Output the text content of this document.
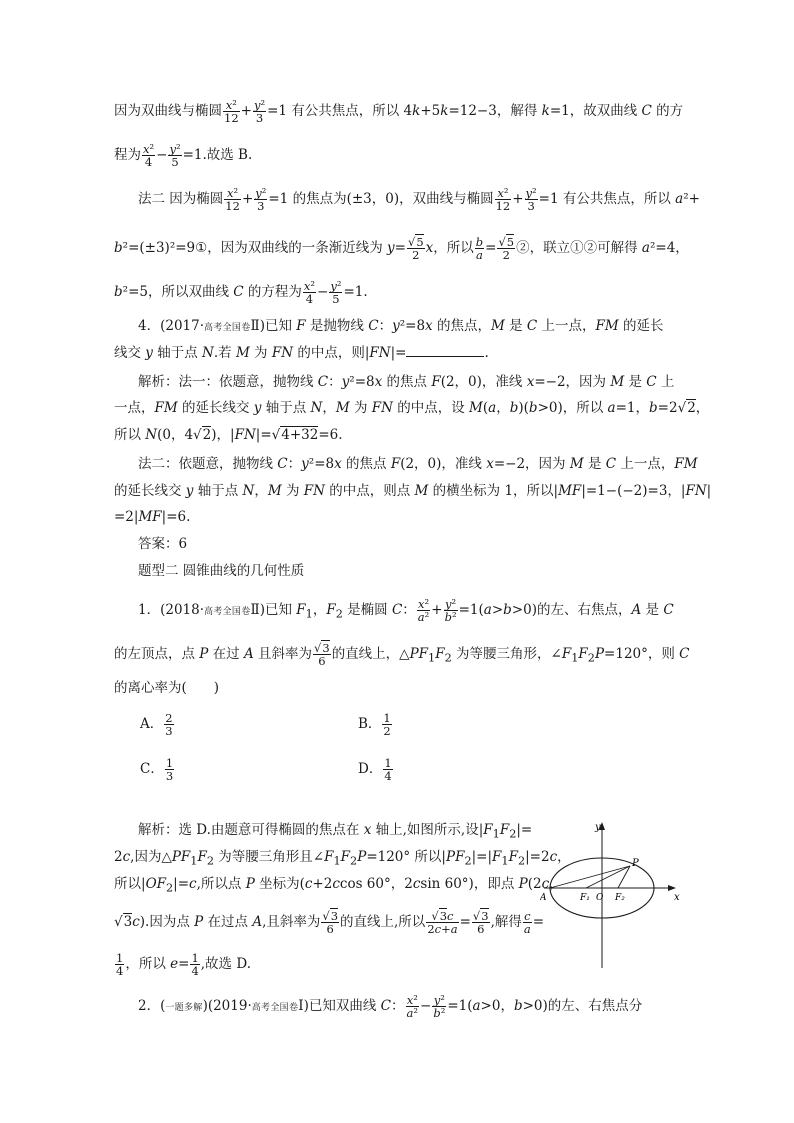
因为双曲线与椭圆 $\frac{\text{x²}}{12} + \frac{\text{y²}}{3} =1$ 有公共焦点，所以 4k+5k=12−3，解得 k=1，故双曲线 C 的方
程为 $\frac{\text{x²}}{4} - \frac{\text{y²}}{5} =1$.故选 B.
法二 因为椭圆 $\frac{\text{x²}}{12} + \frac{\text{y²}}{3} =1$ 的焦点为(±3，0)，双曲线与椭圆 $\frac{\text{x²}}{12} + \frac{\text{y²}}{3} =1$ 有公共焦点，所以 a²+
b²=(±3)²=9①，因为双曲线的一条渐近线为 $y= \frac{√5}{2}$ x，所以 $\frac{b}{a} = \frac{√5}{2}$ ②，联立①②可解得 a²=4，
b²=5，所以双曲线 C 的方程为 $\frac{\text{x²}}{4} - \frac{\text{y²}}{5} =1$.
4．(2017·高考全国卷Ⅱ)已知 F 是抛物线 C：y²=8x 的焦点，M 是 C 上一点，FM 的延长
线交 y 轴于点 N.若 M 为 FN 的中点，则|FN|=	.
解析：法一：依题意，抛物线 C：y²=8x 的焦点 F(2，0)，准线 x=−2，因为 M 是 C 上
一点，FM 的延长线交 y 轴于点 N，M 为 FN 的中点，设 M(a，b)(b>0)，所以 a=1，b=2√2，
所以 N(0，4√2)，|FN|=√4+32=6.
法二：依题意，抛物线 C：y²=8x 的焦点 F(2，0)，准线 x=−2，因为 M 是 C 上一点，FM
的延长线交 y 轴于点 N，M 为 FN 的中点，则点 M 的横坐标为 1，所以|MF|=1−(−2)=3，|FN|
=2|MF|=6.
答案：6
题型二 圆锥曲线的几何性质
1．(2018·高考全国卷Ⅱ)已知 $F_1$，$F_2$ 是椭圆 C： $\frac{\text{x²}}{\text{a²}} + \frac{\text{y²}}{\text{b²}} =1(a>b>0)$的左、右焦点，A 是 C
的左顶点，点 P 在过 A 且斜率为 $\frac{√3}{6}$ 的直线上，$\triangle PF_1F_2$ 为等腰三角形，$\angle F_1F_2P=120^\circ$，则 C
的离心率为(　　)
A． $\frac{2}{3}$	B． $\frac{1}{2}$
C． $\frac{1}{3}$	D． $\frac{1}{4}$
解析：选 D.由题意可得椭圆的焦点在 x 轴上,如图所示,设$|F_1F_2|=$
2c,因为$\triangle PF_1F_2$ 为等腰三角形且$\angle F_1F_2P=120^\circ$ 所以$|PF_2|=|F_1F_2|=2c$，
所以$|OF_2|=c$,所以点 P 坐标为(c+2ccos 60°，2csin 60°)，即点 P(2c，
√3c).因为点 P 在过点 A,且斜率为 $\frac{√3}{6}$ 的直线上,所以 $\frac{√3c}{2c+a} = \frac{√3}{6}$ ,解得 $\frac{c}{a}$ =
$\frac{1}{4}$ ，所以 $e= \frac{1}{4}$ ,故选 D.
2．(一题多解)(2019·高考全国卷Ⅰ)已知双曲线 C： $\frac{\text{x²}}{\text{a²}} - \frac{\text{y²}}{\text{b²}} =1(a>0$，b>0)的左、右焦点分
y
x
P
A	F₁ O F₂
